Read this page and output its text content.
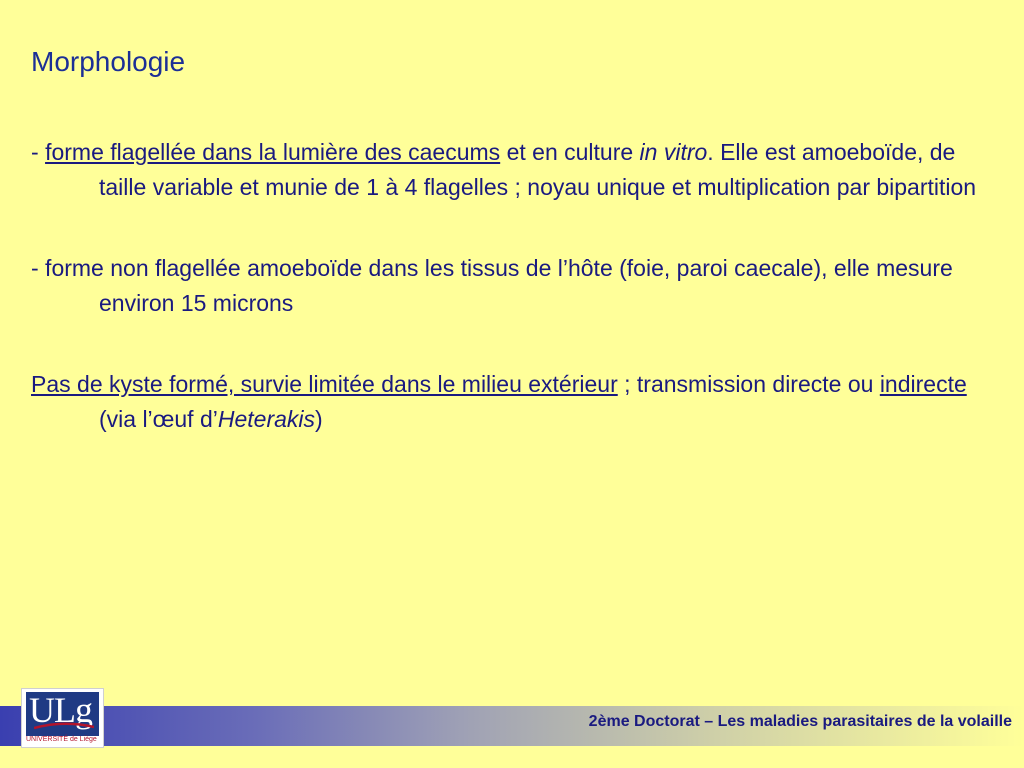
Morphologie

- forme flagellée dans la lumière des caecums et en culture in vitro. Elle est amoeboïde, de taille variable et munie de 1 à 4 flagelles ; noyau unique et multiplication par bipartition

- forme non flagellée amoeboïde dans les tissus de l’hôte (foie, paroi caecale), elle mesure environ 15 microns

Pas de kyste formé, survie limitée dans le milieu extérieur ; transmission directe ou indirecte (via l’œuf d’Heterakis)

2ème Doctorat – Les maladies parasitaires de la volaille
ULg
UNIVERSITÉ de Liège
